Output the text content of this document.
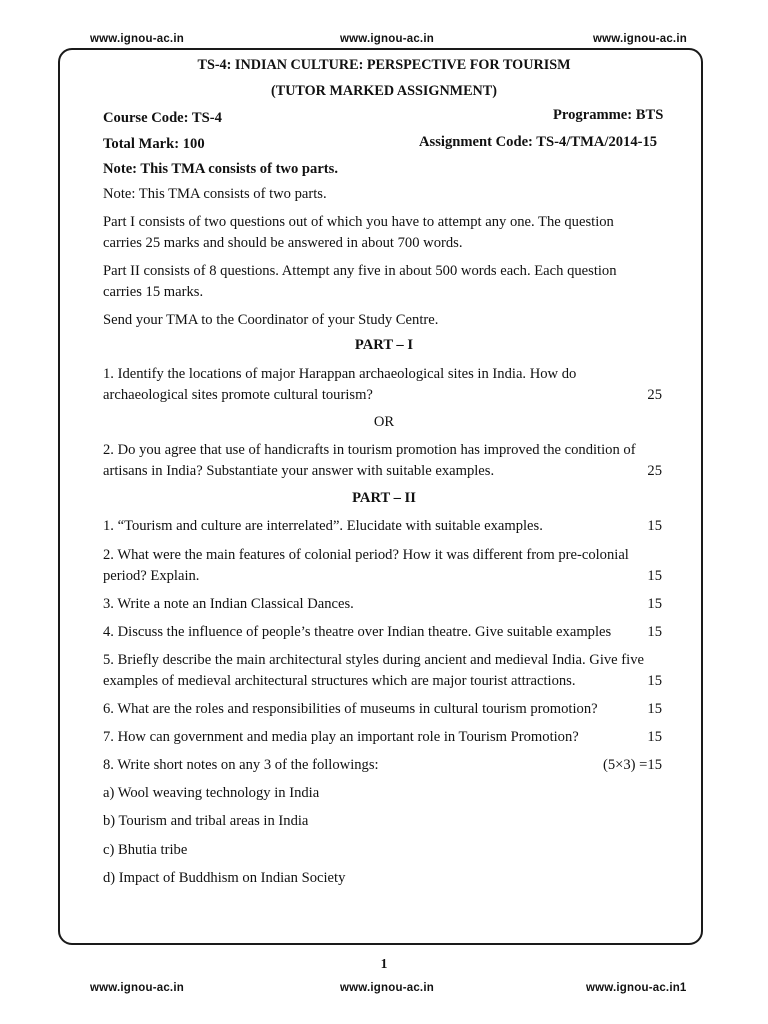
www.ignou-ac.in	www.ignou-ac.in	www.ignou-ac.in
TS-4: INDIAN CULTURE: PERSPECTIVE FOR TOURISM
(TUTOR MARKED ASSIGNMENT)
Course Code: TS-4	Programme: BTS
Total Mark: 100	Assignment Code: TS-4/TMA/2014-15
Note: This TMA consists of two parts.
Note: This TMA consists of two parts.
Part I consists of two questions out of which you have to attempt any one. The question
carries 25 marks and should be answered in about 700 words.
Part II consists of 8 questions. Attempt any five in about 500 words each. Each question
carries 15 marks.
Send your TMA to the Coordinator of your Study Centre.
PART – I
1. Identify the locations of major Harappan archaeological sites in India. How do
archaeological sites promote cultural tourism?	25
OR
2. Do you agree that use of handicrafts in tourism promotion has improved the condition of
artisans in India? Substantiate your answer with suitable examples.	25
PART – II
1. “Tourism and culture are interrelated”. Elucidate with suitable examples.	15
2. What were the main features of colonial period? How it was different from pre-colonial
period? Explain.	15
3. Write a note an Indian Classical Dances.	15
4. Discuss the influence of people’s theatre over Indian theatre. Give suitable examples	15
5. Briefly describe the main architectural styles during ancient and medieval India. Give five
examples of medieval architectural structures which are major tourist attractions.	15
6. What are the roles and responsibilities of museums in cultural tourism promotion?	15
7. How can government and media play an important role in Tourism Promotion?	15
8. Write short notes on any 3 of the followings:	(5×3) =15
a) Wool weaving technology in India
b) Tourism and tribal areas in India
c) Bhutia tribe
d) Impact of Buddhism on Indian Society
1
www.ignou-ac.in	www.ignou-ac.in	www.ignou-ac.in1
